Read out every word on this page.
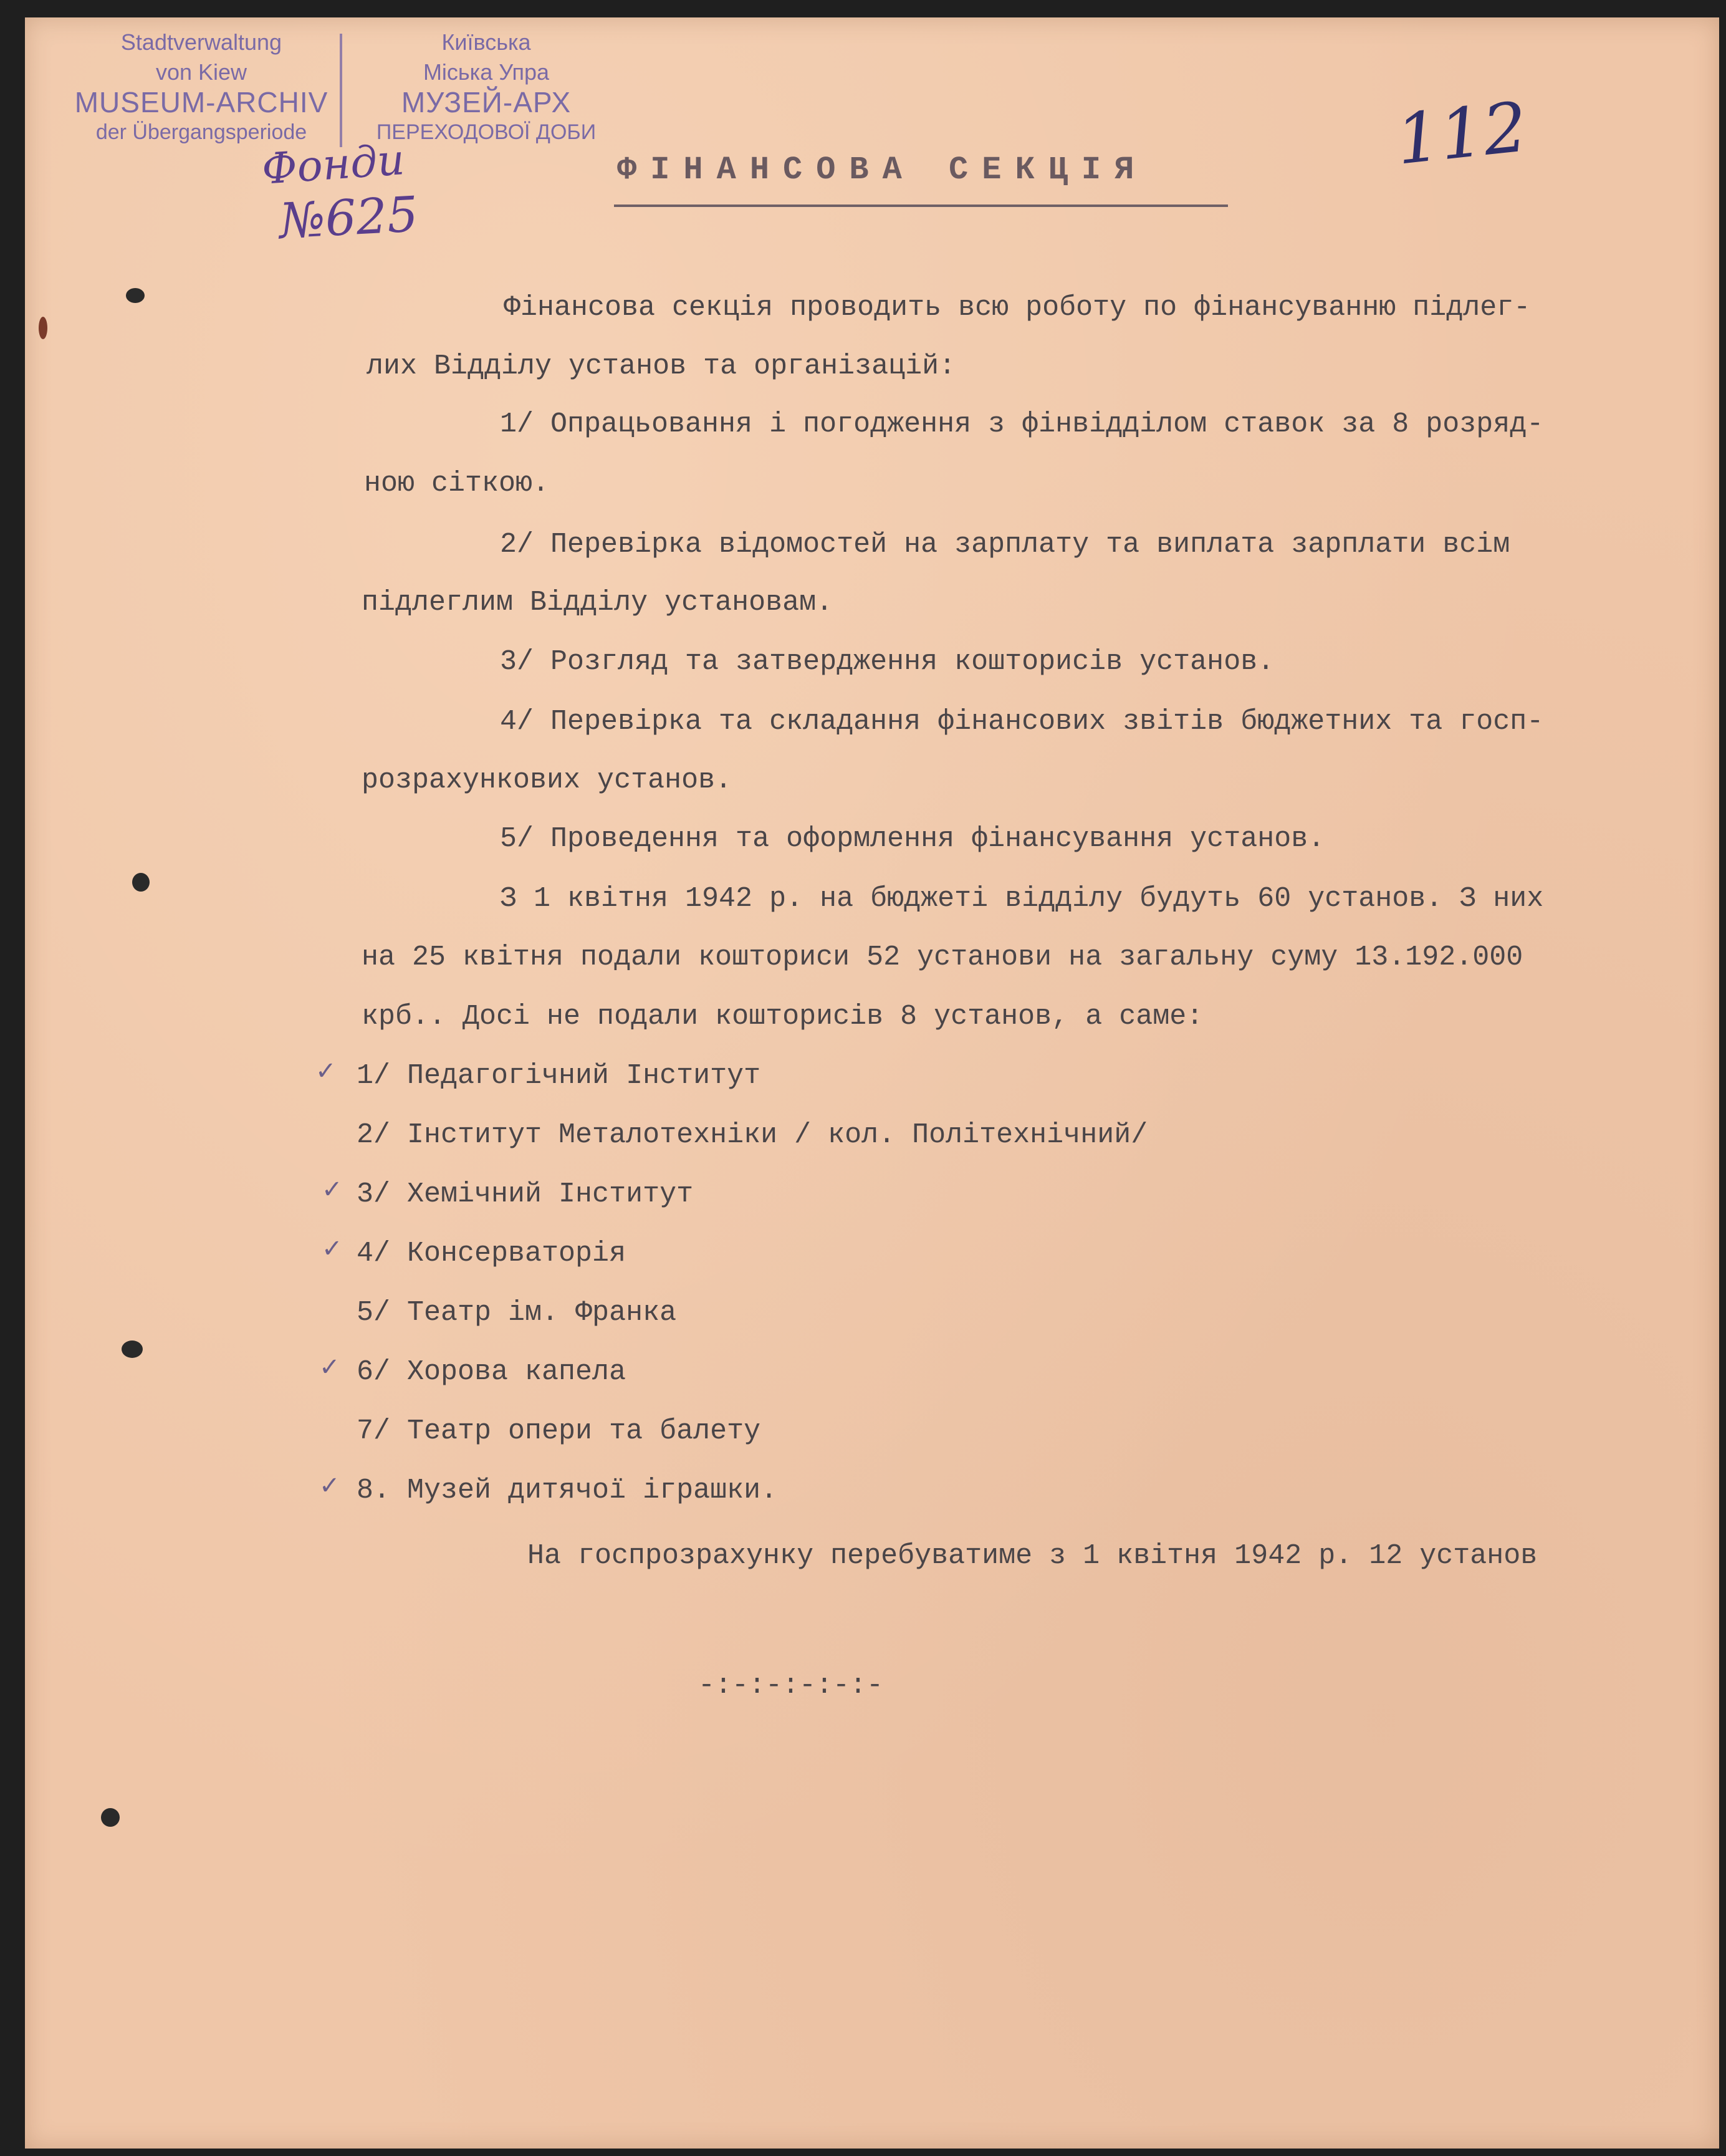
Stadtverwaltung
von Kiew
MUSEUM-ARCHIV
der Übergangsperiode
Київська
Міська Упра
МУЗЕЙ-АРХ
ПЕРЕХОДОВОЇ ДОБИ
Фонди
№625
112
ФІНАНСОВА СЕКЦІЯ
Фінансова секція проводить всю роботу по фінансуванню підлег-
лих Відділу установ та організацій:
1/ Опрацьовання і погодження з фінвідділом ставок за 8 розряд-
ною сіткою.
2/ Перевірка відомостей на зарплату та виплата зарплати всім
підлеглим Відділу установам.
3/ Розгляд та затвердження кошторисів установ.
4/ Перевірка та складання фінансових звітів бюджетних та госп-
розрахункових установ.
5/ Проведення та оформлення фінансування установ.
З 1 квітня 1942 р. на бюджеті відділу будуть 60 установ. З них
на 25 квітня подали кошториси 52 установи на загальну суму 13.192.000
крб.. Досі не подали кошторисів 8 установ, а саме:
✓ 1/ Педагогічний Інститут
2/ Інститут Металотехніки / кол. Політехнічний/
✓ 3/ Хемічний Інститут
✓ 4/ Консерваторія
5/ Театр ім. Франка
✓ 6/ Хорова капела
7/ Театр опери та балету
✓ 8. Музей дитячої іграшки.
На госпрозрахунку перебуватиме з 1 квітня 1942 р. 12 установ
-:-:-:-:-:-
